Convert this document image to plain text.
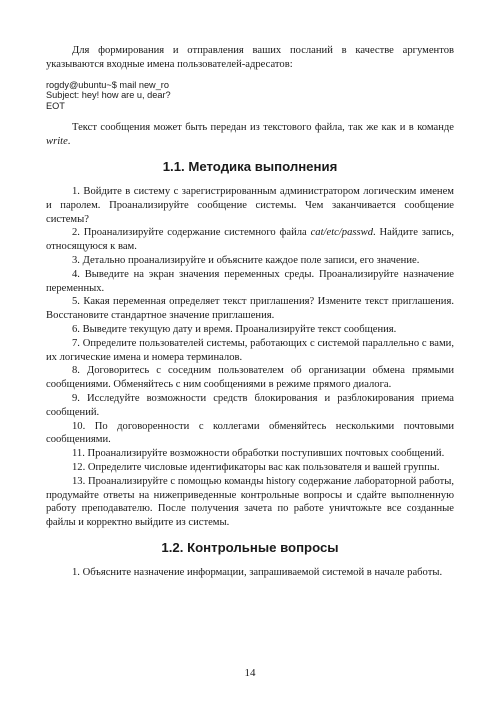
Для формирования и отправления ваших посланий в качестве аргументов указываются входные имена пользователей-адресатов:

rogdy@ubuntu~$ mail new_ro
Subject: hey! how are u, dear?
EOT

Текст сообщения может быть передан из текстового файла, так же как и в команде write.

1.1. Методика выполнения

1. Войдите в систему с зарегистрированным администратором логическим именем и паролем. Проанализируйте сообщение системы. Чем заканчивается сообщение системы?

2. Проанализируйте содержание системного файла cat/etc/passwd. Найдите запись, относящуюся к вам.

3. Детально проанализируйте и объясните каждое поле записи, его значение.

4. Выведите на экран значения переменных среды. Проанализируйте назначение переменных.

5. Какая переменная определяет текст приглашения? Измените текст приглашения. Восстановите стандартное значение приглашения.

6. Выведите текущую дату и время. Проанализируйте текст сообщения.

7. Определите пользователей системы, работающих с системой параллельно с вами, их логические имена и номера терминалов.

8. Договоритесь с соседним пользователем об организации обмена прямыми сообщениями. Обменяйтесь с ним сообщениями в режиме прямого диалога.

9. Исследуйте возможности средств блокирования и разблокирования приема сообщений.

10. По договоренности с коллегами обменяйтесь несколькими почтовыми сообщениями.

11. Проанализируйте возможности обработки поступивших почтовых сообщений.

12. Определите числовые идентификаторы вас как пользователя и вашей группы.

13. Проанализируйте с помощью команды history содержание лабораторной работы, продумайте ответы на нижеприведенные контрольные вопросы и сдайте выполненную работу преподавателю. После получения зачета по работе уничтожьте все созданные файлы и корректно выйдите из системы.

1.2. Контрольные вопросы

1. Объясните назначение информации, запрашиваемой системой в начале работы.

14
